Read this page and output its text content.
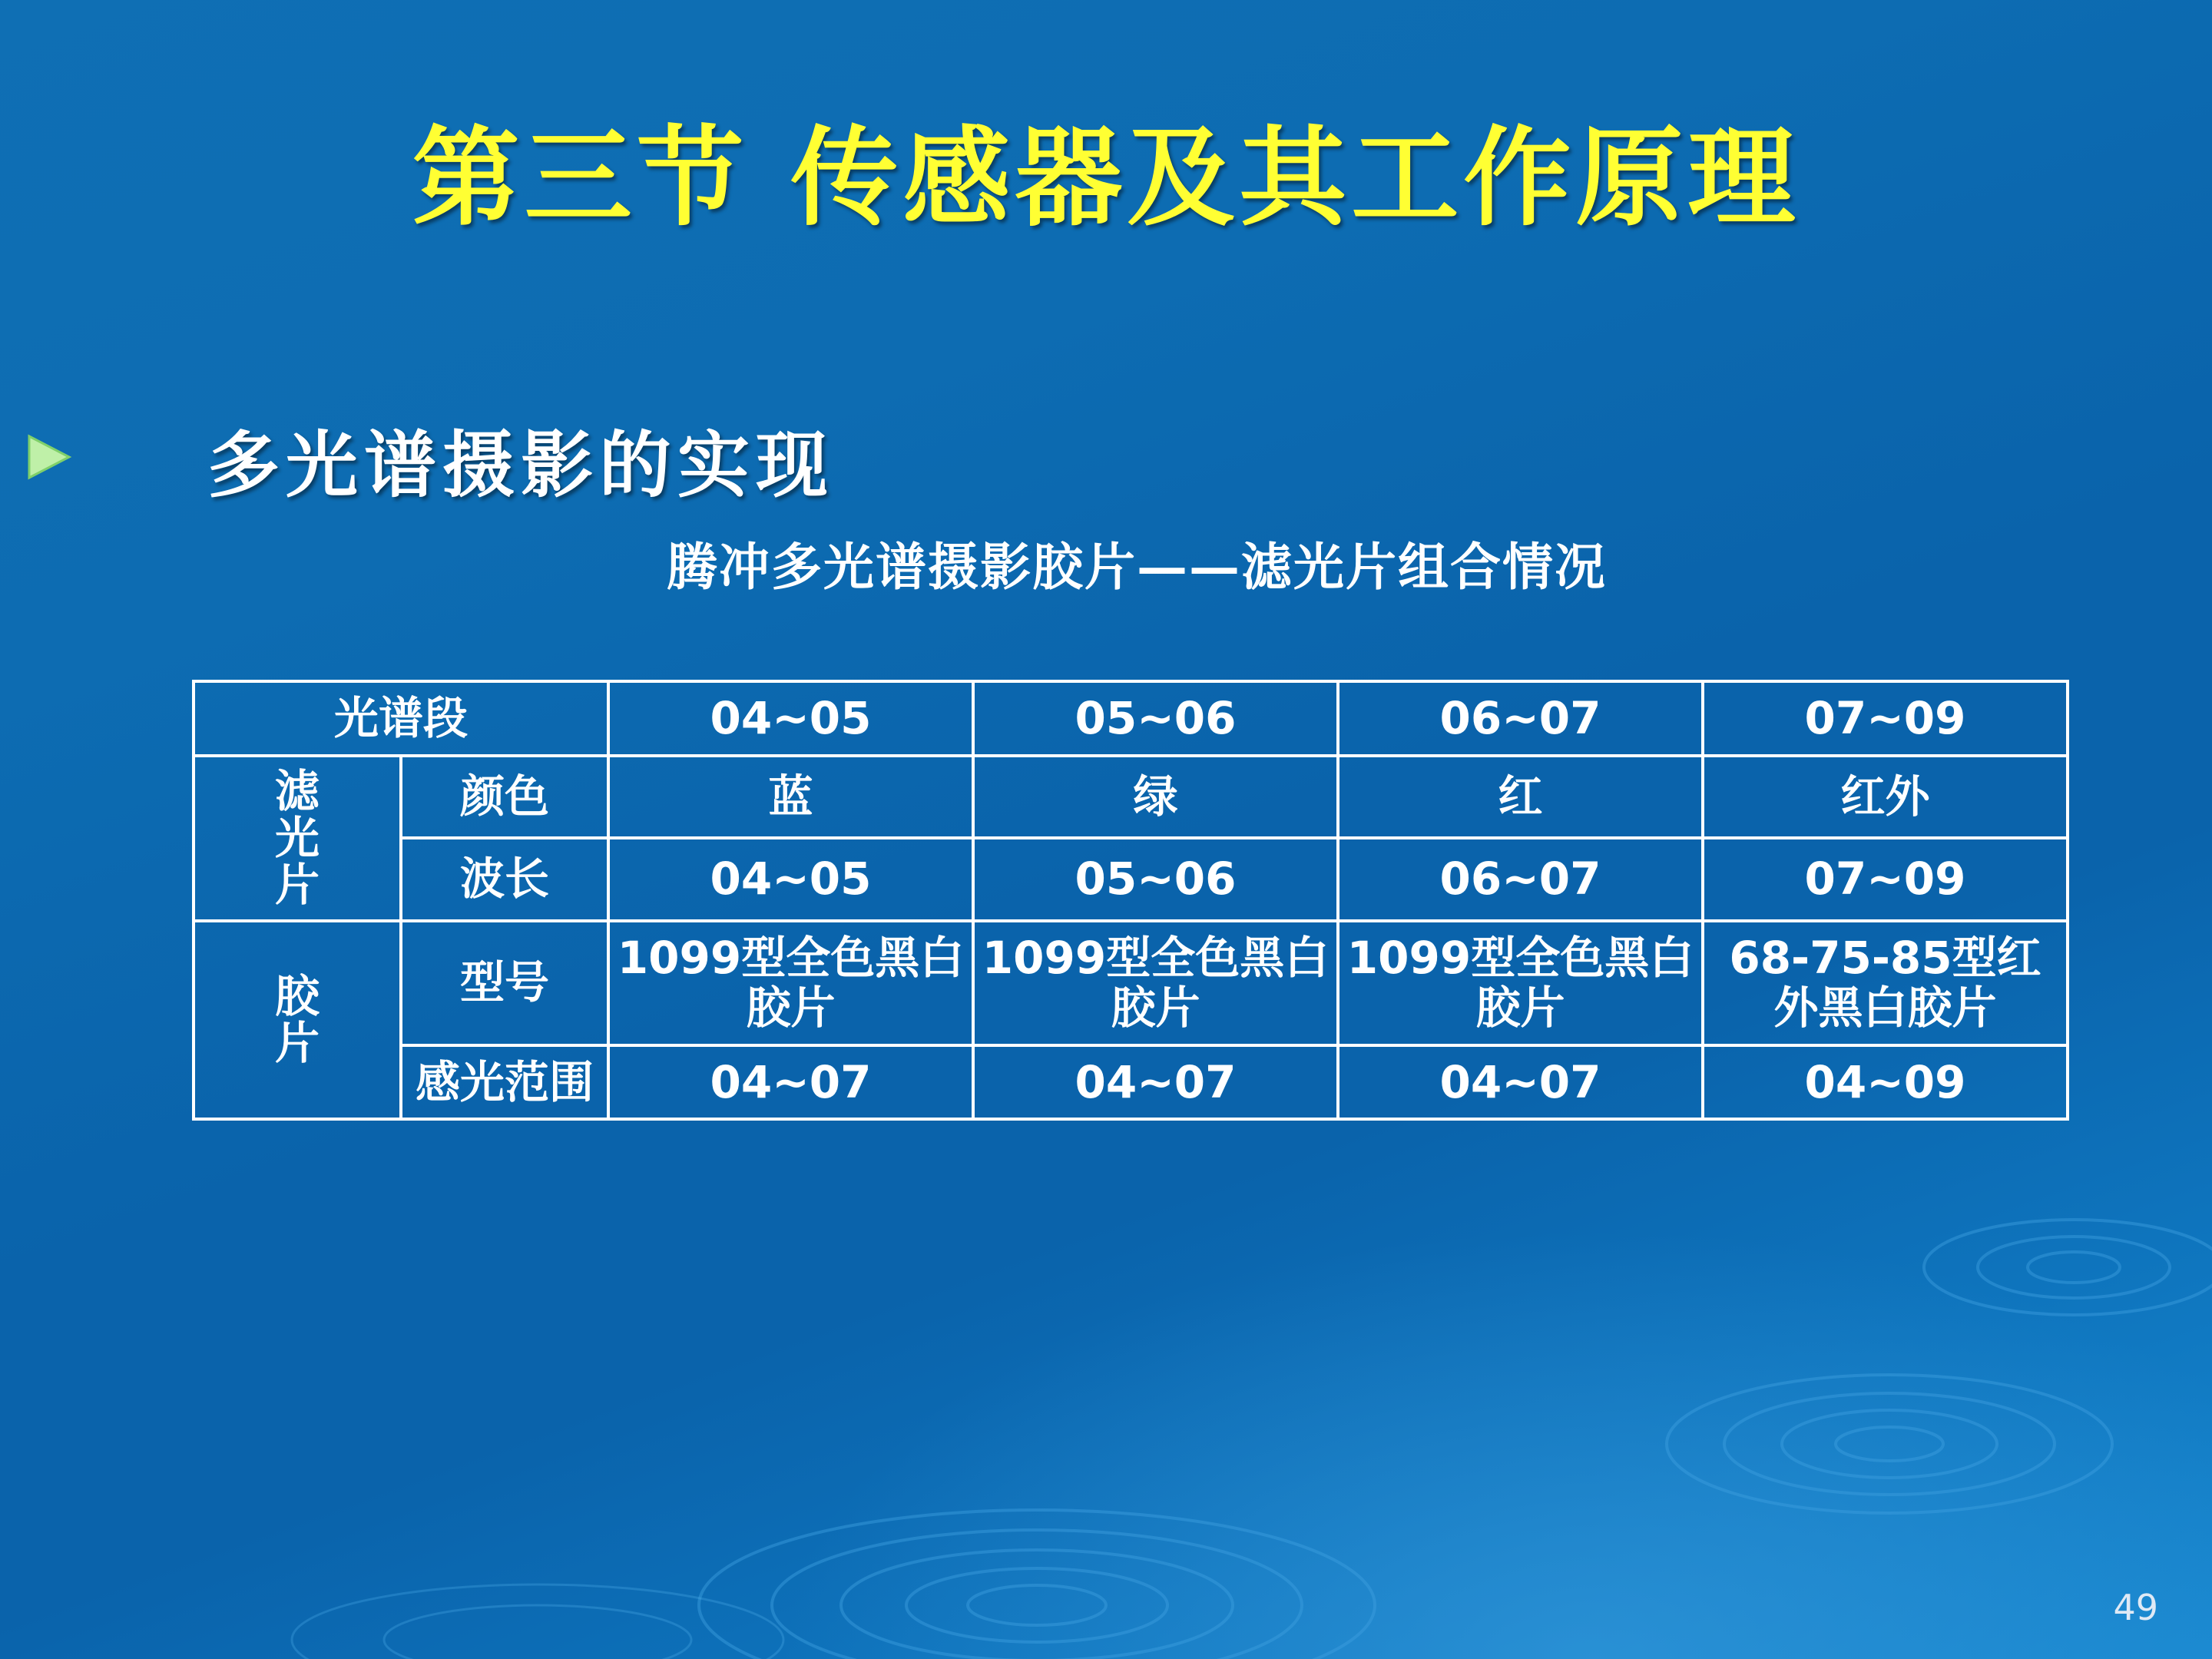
第三节 传感器及其工作原理
多光谱摄影的实现
腾冲多光谱摄影胶片——滤光片组合情况
光谱段		04~05	05~06	06~07	07~09

滤
光
片	颜色	蓝	绿	红	红外
	波长	04~05	05~06	06~07	07~09

胶
片	型号	1099型全色黑白胶片	1099型全色黑白胶片	1099型全色黑白胶片	68-75-85型红外黑白胶片
	感光范围	04~07	04~07	04~07	04~09
49
